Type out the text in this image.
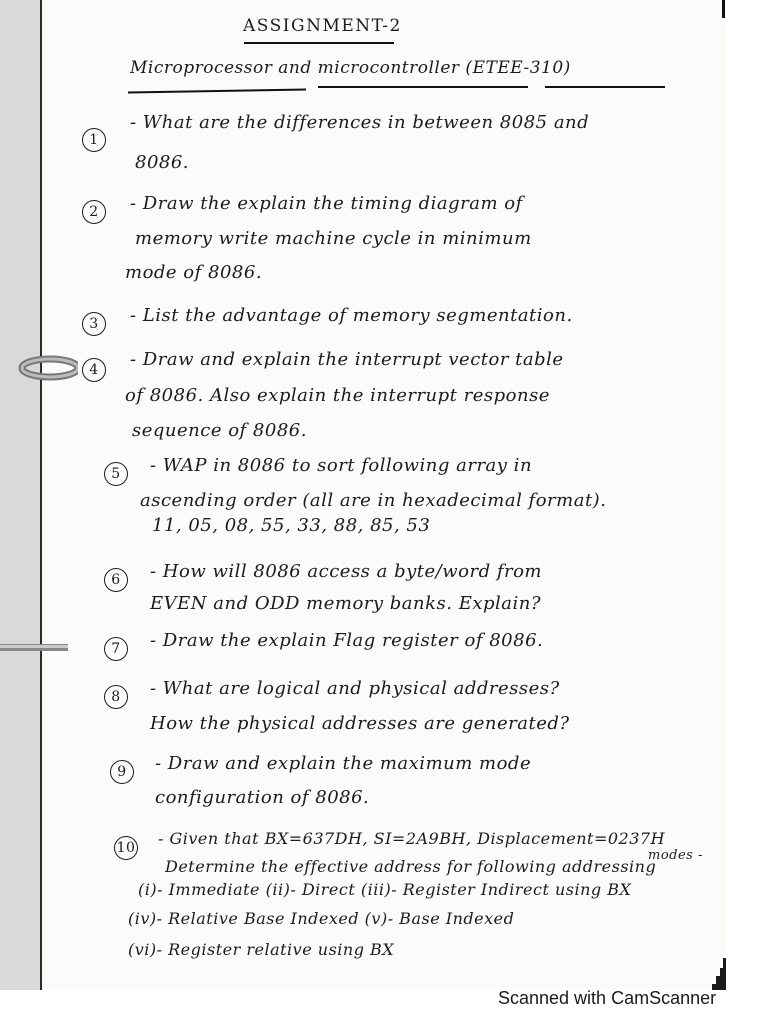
ASSIGNMENT-2
Microprocessor and microcontroller (ETEE-310)
1
- What are the differences in between 8085 and
8086.
2	- Draw the explain the timing diagram of
memory write machine cycle in minimum
mode of 8086.
3	- List the advantage of memory segmentation.
4	- Draw and explain the interrupt vector table
of 8086. Also explain the interrupt response
sequence of 8086.
5	- WAP in 8086 to sort following array in
ascending order (all are in hexadecimal format).
11, 05, 08, 55, 33, 88, 85, 53
6	- How will 8086 access a byte/word from
EVEN and ODD memory banks. Explain?
7	- Draw the explain Flag register of 8086.
8	- What are logical and physical addresses?
How the physical addresses are generated?
9	- Draw and explain the maximum mode
configuration of 8086.
10 - Given that BX=637DH, SI=2A9BH, Displacement=0237H
Determine the effective address for following addressing
modes -
(i)- Immediate (ii)- Direct (iii)- Register Indirect using BX
(iv)- Relative Base Indexed (v)- Base Indexed
(vi)- Register relative using BX
Scanned with CamScanner
